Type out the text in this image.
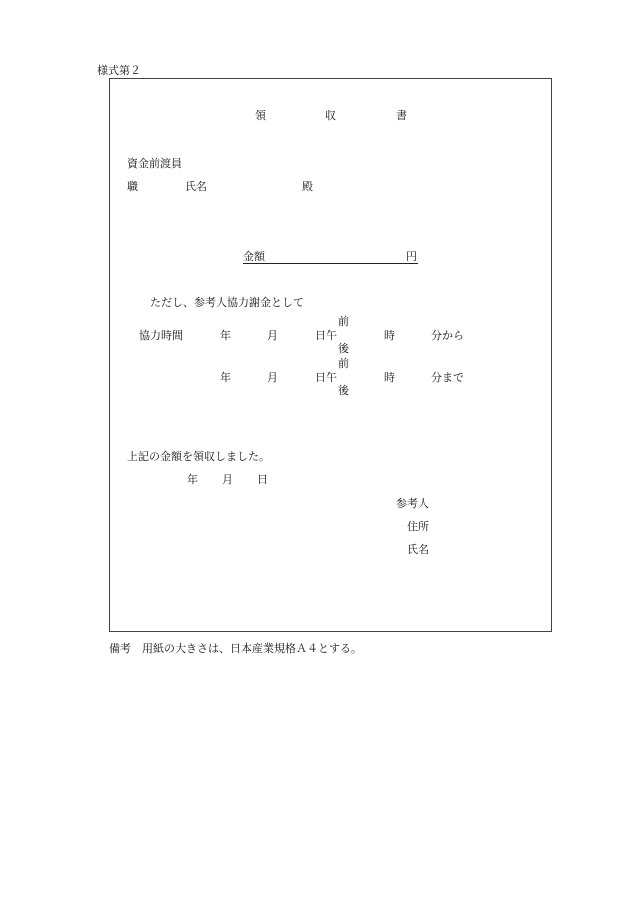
様式第２
領	収	書
資金前渡員
職	氏名	殿
金額	円
ただし、参考人協力謝金として
協力時間
前
年	月	日午	時	分から
後
前
年	月	日午	時	分まで
後
上記の金額を領収しました。
年 月 日
参考人
住所
氏名
備考　用紙の大きさは、日本産業規格Ａ４とする。
